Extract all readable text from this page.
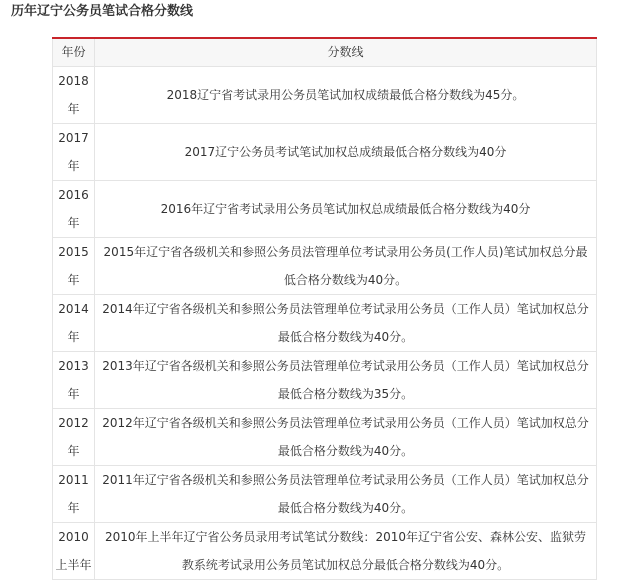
历年辽宁公务员笔试合格分数线
年份	分数线
2018年	2018辽宁省考试录用公务员笔试加权成绩最低合格分数线为45分。
2017年	2017辽宁公务员考试笔试加权总成绩最低合格分数线为40分
2016年	2016年辽宁省考试录用公务员笔试加权总成绩最低合格分数线为40分
2015年	2015年辽宁省各级机关和参照公务员法管理单位考试录用公务员(工作人员)笔试加权总分最低合格分数线为40分。
2014年	2014年辽宁省各级机关和参照公务员法管理单位考试录用公务员（工作人员）笔试加权总分最低合格分数线为40分。
2013年	2013年辽宁省各级机关和参照公务员法管理单位考试录用公务员（工作人员）笔试加权总分最低合格分数线为35分。
2012年	2012年辽宁省各级机关和参照公务员法管理单位考试录用公务员（工作人员）笔试加权总分最低合格分数线为40分。
2011年	2011年辽宁省各级机关和参照公务员法管理单位考试录用公务员（工作人员）笔试加权总分最低合格分数线为40分。
2010上半年	2010年上半年辽宁省公务员录用考试笔试分数线：2010年辽宁省公安、森林公安、监狱劳教系统考试录用公务员笔试加权总分最低合格分数线为40分。
